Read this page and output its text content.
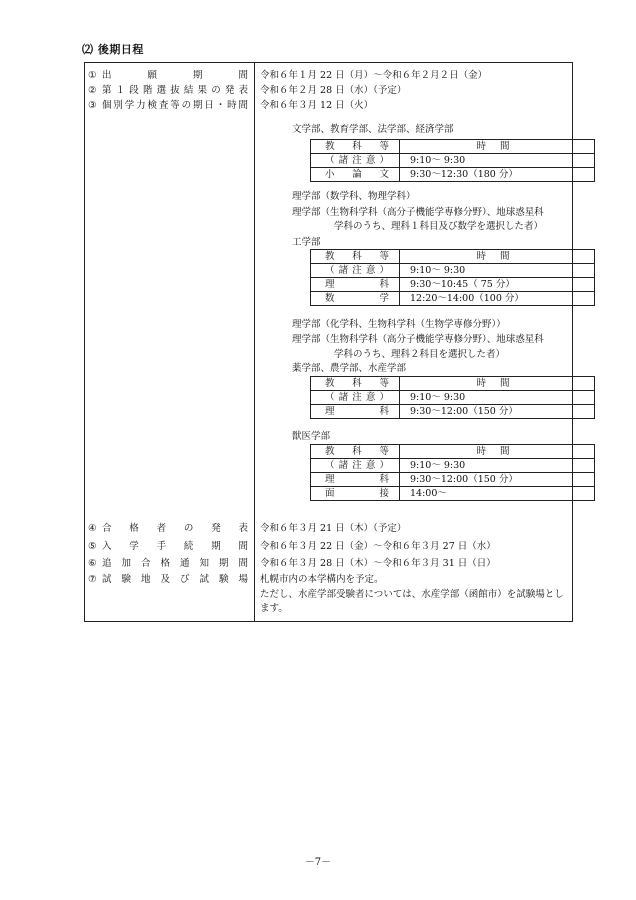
⑵ 後期日程
① 出願期間 令和６年１月 22 日（月）～令和６年２月２日（金）
② 第１段階選抜結果の発表 令和６年２月 28 日（水）（予定）
③ 個別学力検査等の期日・時間 令和６年３月 12 日（火）
文学部、教育学部、法学部、経済学部
教科等	時間
（諸注意）	9:10～ 9:30
小論文	9:30～12:30（180 分）
理学部（数学科、物理学科）
理学部（生物科学科（高分子機能学専修分野）、地球惑星科
学科のうち、理科１科目及び数学を選択した者）
工学部
教科等	時間
（諸注意）	9:10～ 9:30
理科	9:30～10:45（ 75 分）
数学	12:20～14:00（100 分）
理学部（化学科、生物科学科（生物学専修分野））
理学部（生物科学科（高分子機能学専修分野）、地球惑星科
学科のうち、理科２科目を選択した者）
薬学部、農学部、水産学部
教科等	時間
（諸注意）	9:10～ 9:30
理科	9:30～12:00（150 分）
獣医学部
教科等	時間
（諸注意）	9:10～ 9:30
理科	9:30～12:00（150 分）
面接	14:00～
④ 合格者の発表 令和６年３月 21 日（木）（予定）
⑤ 入学手続期間 令和６年３月 22 日（金）～令和６年３月 27 日（水）
⑥ 追加合格通知期間 令和６年３月 28 日（木）～令和６年３月 31 日（日）
⑦ 試験地及び試験場 札幌市内の本学構内を予定。
ただし、水産学部受験者については、水産学部（函館市）を試験場とします。
－7－
